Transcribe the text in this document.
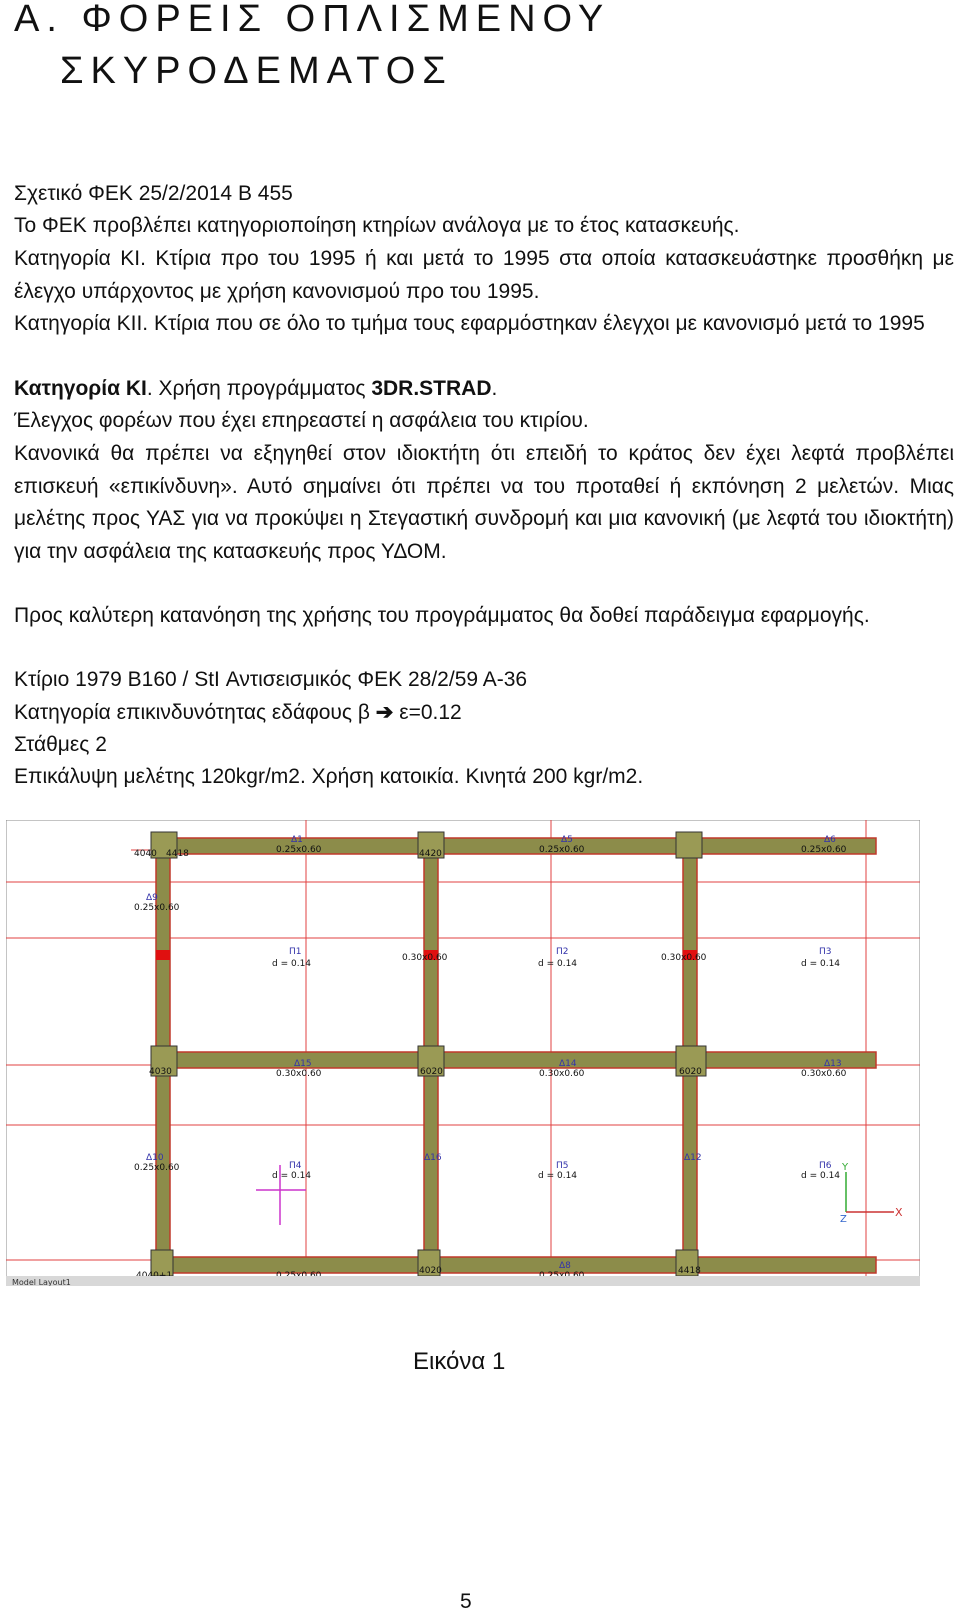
Α. ΦΟΡΕΙΣ ΟΠΛΙΣΜΕΝΟΥ
ΣΚΥΡΟΔΕΜΑΤΟΣ

Σχετικό ΦΕΚ 25/2/2014 Β 455

Το ΦΕΚ προβλέπει κατηγοριοποίηση κτηρίων ανάλογα με το έτος κατασκευής.

Κατηγορία ΚΙ. Κτίρια προ του 1995 ή και μετά το 1995 στα οποία κατασκευάστηκε προσθήκη με έλεγχο υπάρχοντος με χρήση κανονισμού προ του 1995.

Κατηγορία ΚΙΙ. Κτίρια που σε όλο το τμήμα τους εφαρμόστηκαν έλεγχοι με κανονισμό μετά το 1995

Κατηγορία ΚΙ. Χρήση προγράμματος 3DR.STRAD.

Έλεγχος φορέων που έχει επηρεαστεί η ασφάλεια του κτιρίου.

Κανονικά θα πρέπει να εξηγηθεί στον ιδιοκτήτη ότι επειδή το κράτος δεν έχει λεφτά προβλέπει επισκευή «επικίνδυνη». Αυτό σημαίνει ότι πρέπει να του προταθεί ή εκπόνηση 2 μελετών. Μιας μελέτης προς ΥΑΣ για να προκύψει η Στεγαστική συνδρομή και μια κανονική (με λεφτά του ιδιοκτήτη) για την ασφάλεια της κατασκευής προς ΥΔΟΜ.

Προς καλύτερη κατανόηση της χρήσης του προγράμματος θα δοθεί παράδειγμα εφαρμογής.

Κτίριο 1979 Β160 / StI Αντισεισμικός ΦΕΚ 28/2/59 Α-36

Κατηγορία επικινδυνότητας εδάφους β ➔ ε=0.12

Στάθμες 2

Επικάλυψη μελέτης 120kgr/m2. Χρήση κατοικία. Κινητά 200 kgr/m2.

Δ1
0.25x0.60
Δ5
0.25x0.60
Δ6
0.25x0.60
Δ9
0.25x0.60
Δ15
0.30x0.60
Δ14
0.30x0.60
Δ13
0.30x0.60
0.30x0.60	0.30x0.60
0.25x0.60
Δ10	Δ16	Δ12
Δ8
4040 4418	4420
4030	6020	6020
4020	4418
Π1
d = 0.14
Π2
d = 0.14
Π3
d = 0.14
Π4
d = 0.14
Π5
d = 0.14
Π6
d = 0.14
Y
Z
X
Model Layout1

Εικόνα 1

5
